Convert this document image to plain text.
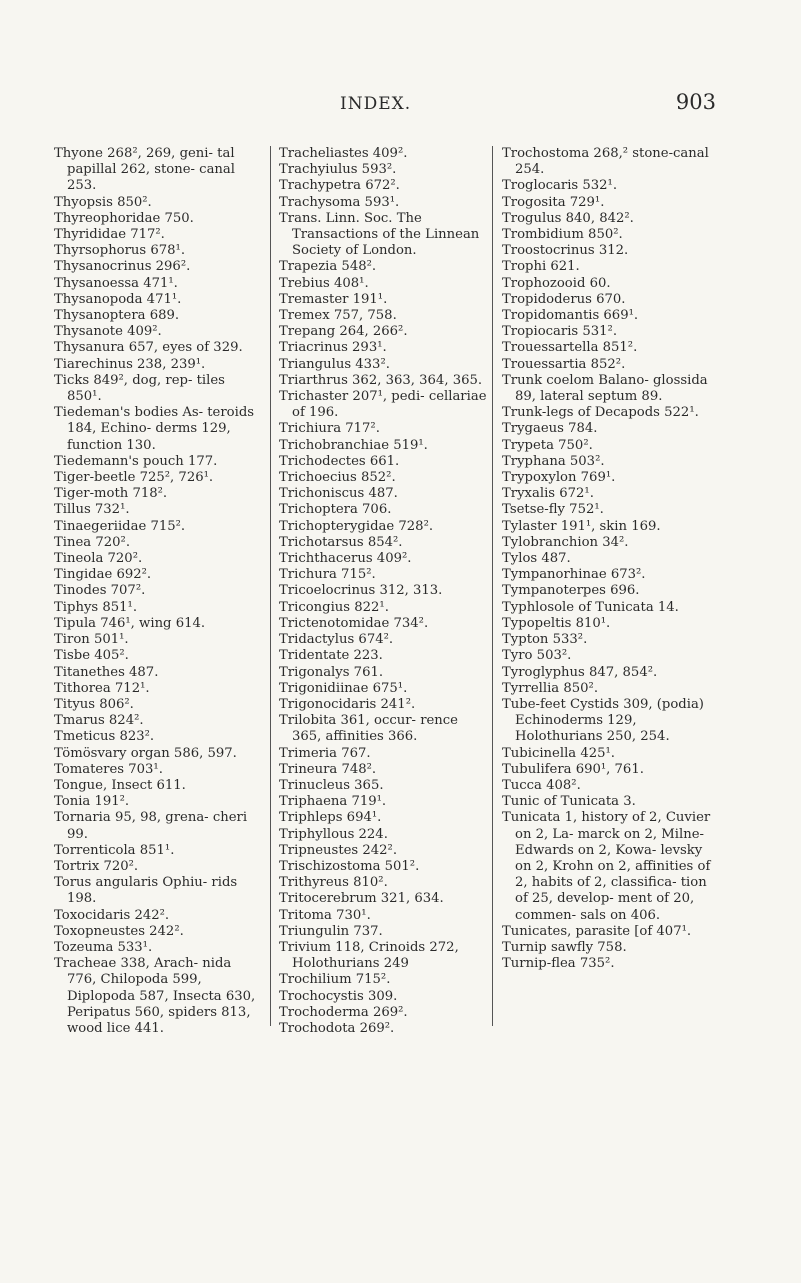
INDEX.	903

Thyone 268², 269, geni- tal papillal 262, stone- canal 253.

Thyopsis 850².

Thyreophoridae 750.

Thyrididae 717².

Thyrsophorus 678¹.

Thysanocrinus 296².

Thysanoessa 471¹.

Thysanopoda 471¹.

Thysanoptera 689.

Thysanote 409².

Thysanura 657, eyes of 329.

Tiarechinus 238, 239¹.

Ticks 849², dog, rep- tiles 850¹.

Tiedeman's bodies As- teroids 184, Echino- derms 129, function 130.

Tiedemann's pouch 177.

Tiger-beetle 725², 726¹.

Tiger-moth 718².

Tillus 732¹.

Tinaegeriidae 715².

Tinea 720².

Tineola 720².

Tingidae 692².

Tinodes 707².

Tiphys 851¹.

Tipula 746¹, wing 614.

Tiron 501¹.

Tisbe 405².

Titanethes 487.

Tithorea 712¹.

Tityus 806².

Tmarus 824².

Tmeticus 823².

Tömösvary organ 586, 597.

Tomateres 703¹.

Tongue, Insect 611.

Tonia 191².

Tornaria 95, 98, grena- cheri 99.

Torrenticola 851¹.

Tortrix 720².

Torus angularis Ophiu- rids 198.

Toxocidaris 242².

Toxopneustes 242².

Tozeuma 533¹.

Tracheae 338, Arach- nida 776, Chilopoda 599, Diplopoda 587, Insecta 630, Peripatus 560, spiders 813, wood lice 441.

Tracheliastes 409².

Trachyiulus 593².

Trachypetra 672².

Trachysoma 593¹.

Trans. Linn. Soc. The Transactions of the Linnean Society of London.

Trapezia 548².

Trebius 408¹.

Tremaster 191¹.

Tremex 757, 758.

Trepang 264, 266².

Triacrinus 293¹.

Triangulus 433².

Triarthrus 362, 363, 364, 365.

Trichaster 207¹, pedi- cellariae of 196.

Trichiura 717².

Trichobranchiae 519¹.

Trichodectes 661.

Trichoecius 852².

Trichoniscus 487.

Trichoptera 706.

Trichopterygidae 728².

Trichotarsus 854².

Trichthacerus 409².

Trichura 715².

Tricoelocrinus 312, 313.

Tricongius 822¹.

Trictenotomidae 734².

Tridactylus 674².

Tridentate 223.

Trigonalys 761.

Trigonidiinae 675¹.

Trigonocidaris 241².

Trilobita 361, occur- rence 365, affinities 366.

Trimeria 767.

Trineura 748².

Trinucleus 365.

Triphaena 719¹.

Triphleps 694¹.

Triphyllous 224.

Tripneustes 242².

Trischizostoma 501².

Trithyreus 810².

Tritocerebrum 321, 634.

Tritoma 730¹.

Triungulin 737.

Trivium 118, Crinoids 272, Holothurians 249

Trochilium 715².

Trochocystis 309.

Trochoderma 269².

Trochodota 269².

Trochostoma 268,² stone-canal 254.

Troglocaris 532¹.

Trogosita 729¹.

Trogulus 840, 842².

Trombidium 850².

Troostocrinus 312.

Trophi 621.

Trophozooid 60.

Tropidoderus 670.

Tropidomantis 669¹.

Tropiocaris 531².

Trouessartella 851².

Trouessartia 852².

Trunk coelom Balano- glossida 89, lateral septum 89.

Trunk-legs of Decapods 522¹.

Trygaeus 784.

Trypeta 750².

Tryphana 503².

Trypoxylon 769¹.

Tryxalis 672¹.

Tsetse-fly 752¹.

Tylaster 191¹, skin 169.

Tylobranchion 34².

Tylos 487.

Tympanorhinae 673².

Tympanoterpes 696.

Typhlosole of Tunicata 14.

Typopeltis 810¹.

Typton 533².

Tyro 503².

Tyroglyphus 847, 854².

Tyrrellia 850².

Tube-feet Cystids 309, (podia) Echinoderms 129, Holothurians 250, 254.

Tubicinella 425¹.

Tubulifera 690¹, 761.

Tucca 408².

Tunic of Tunicata 3.

Tunicata 1, history of 2, Cuvier on 2, La- marck on 2, Milne- Edwards on 2, Kowa- levsky on 2, Krohn on 2, affinities of 2, habits of 2, classifica- tion of 25, develop- ment of 20, commen- sals on 406.

Tunicates, parasite [of 407¹.

Turnip sawfly 758.

Turnip-flea 735².
